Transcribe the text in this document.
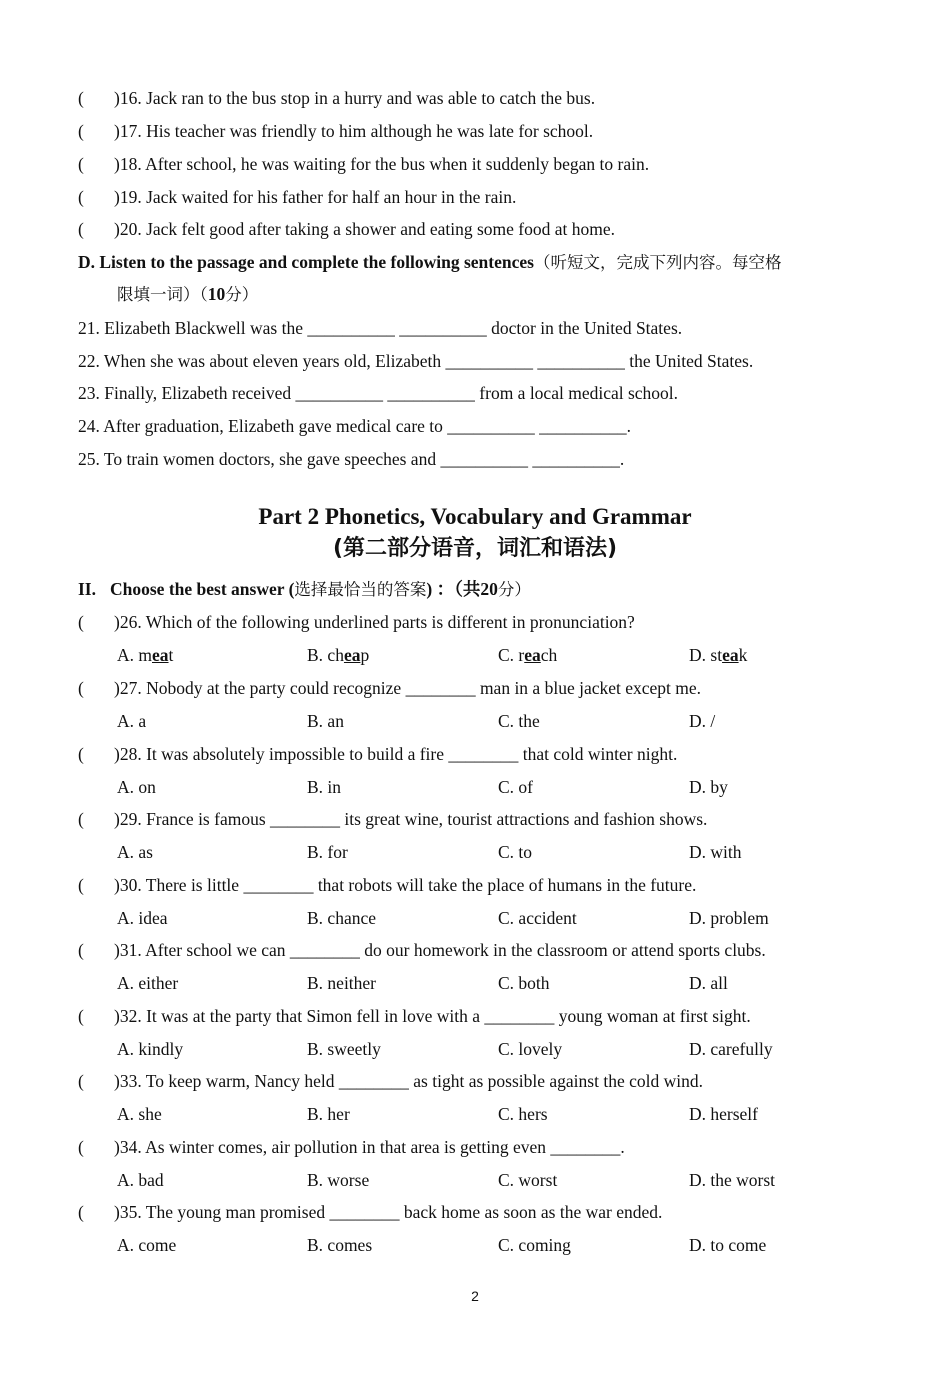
( )16. Jack ran to the bus stop in a hurry and was able to catch the bus.
( )17. His teacher was friendly to him although he was late for school.
( )18. After school, he was waiting for the bus when it suddenly began to rain.
( )19. Jack waited for his father for half an hour in the rain.
( )20. Jack felt good after taking a shower and eating some food at home.
D. Listen to the passage and complete the following sentences（听短文，完成下列内容。每空格
限填一词）（10分）
21. Elizabeth Blackwell was the __________ __________ doctor in the United States.
22. When she was about eleven years old, Elizabeth __________ __________ the United States.
23. Finally, Elizabeth received __________ __________ from a local medical school.
24. After graduation, Elizabeth gave medical care to __________ __________.
25. To train women doctors, she gave speeches and __________ __________.
Part 2 Phonetics, Vocabulary and Grammar
(第二部分语音，词汇和语法)
II. Choose the best answer (选择最恰当的答案) ：（共20分）
( )26. Which of the following underlined parts is different in pronunciation?
A. meat	B. cheap	C. reach	D. steak
( )27. Nobody at the party could recognize ________ man in a blue jacket except me.
A. a	B. an	C. the	D. /
( )28. It was absolutely impossible to build a fire ________ that cold winter night.
A. on	B. in	C. of	D. by
( )29. France is famous ________ its great wine, tourist attractions and fashion shows.
A. as	B. for	C. to	D. with
( )30. There is little ________ that robots will take the place of humans in the future.
A. idea	B. chance	C. accident	D. problem
( )31. After school we can ________ do our homework in the classroom or attend sports clubs.
A. either	B. neither	C. both	D. all
( )32. It was at the party that Simon fell in love with a ________ young woman at first sight.
A. kindly	B. sweetly	C. lovely	D. carefully
( )33. To keep warm, Nancy held ________ as tight as possible against the cold wind.
A. she	B. her	C. hers	D. herself
( )34. As winter comes, air pollution in that area is getting even ________.
A. bad	B. worse	C. worst	D. the worst
( )35. The young man promised ________ back home as soon as the war ended.
A. come	B. comes	C. coming	D. to come
2
